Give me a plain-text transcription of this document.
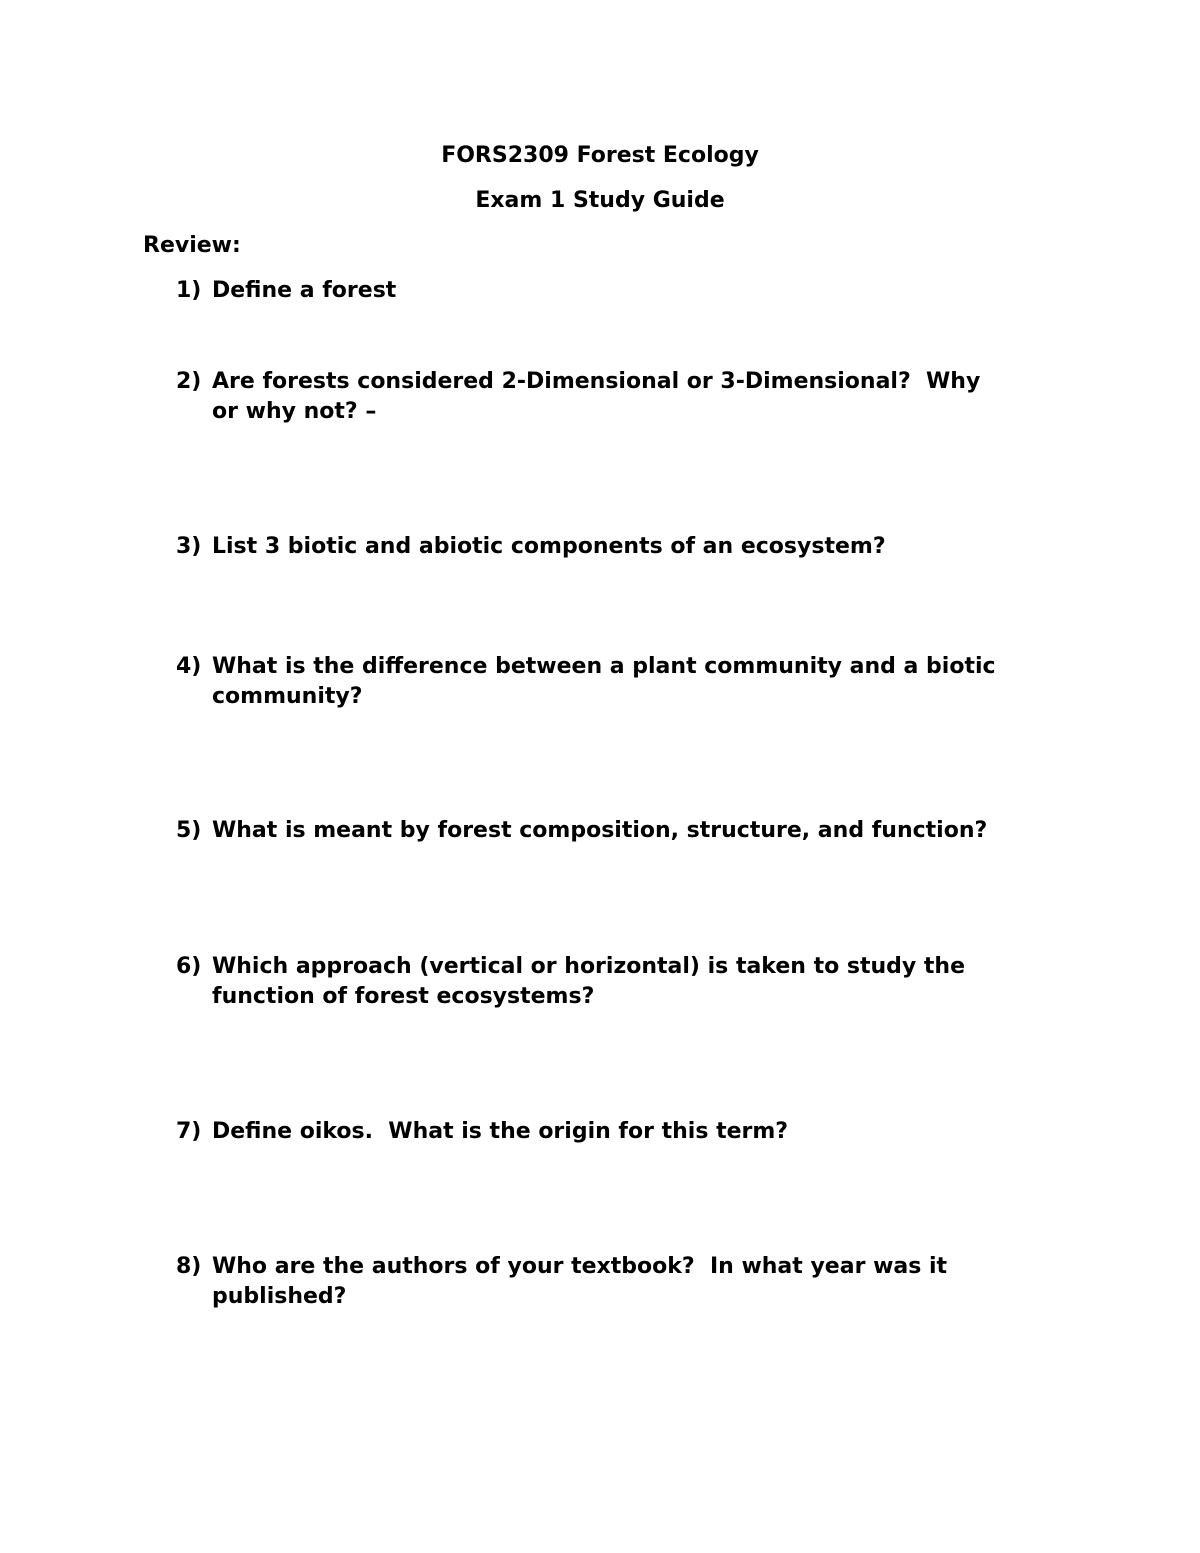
FORS2309 Forest Ecology

Exam 1 Study Guide

Review:

1) Define a forest
2) Are forests considered 2-Dimensional or 3-Dimensional?  Why
or why not? –
3) List 3 biotic and abiotic components of an ecosystem?
4) What is the difference between a plant community and a biotic
community?
5) What is meant by forest composition, structure, and function?
6) Which approach (vertical or horizontal) is taken to study the
function of forest ecosystems?
7) Define oikos.  What is the origin for this term?
8) Who are the authors of your textbook?  In what year was it
published?
